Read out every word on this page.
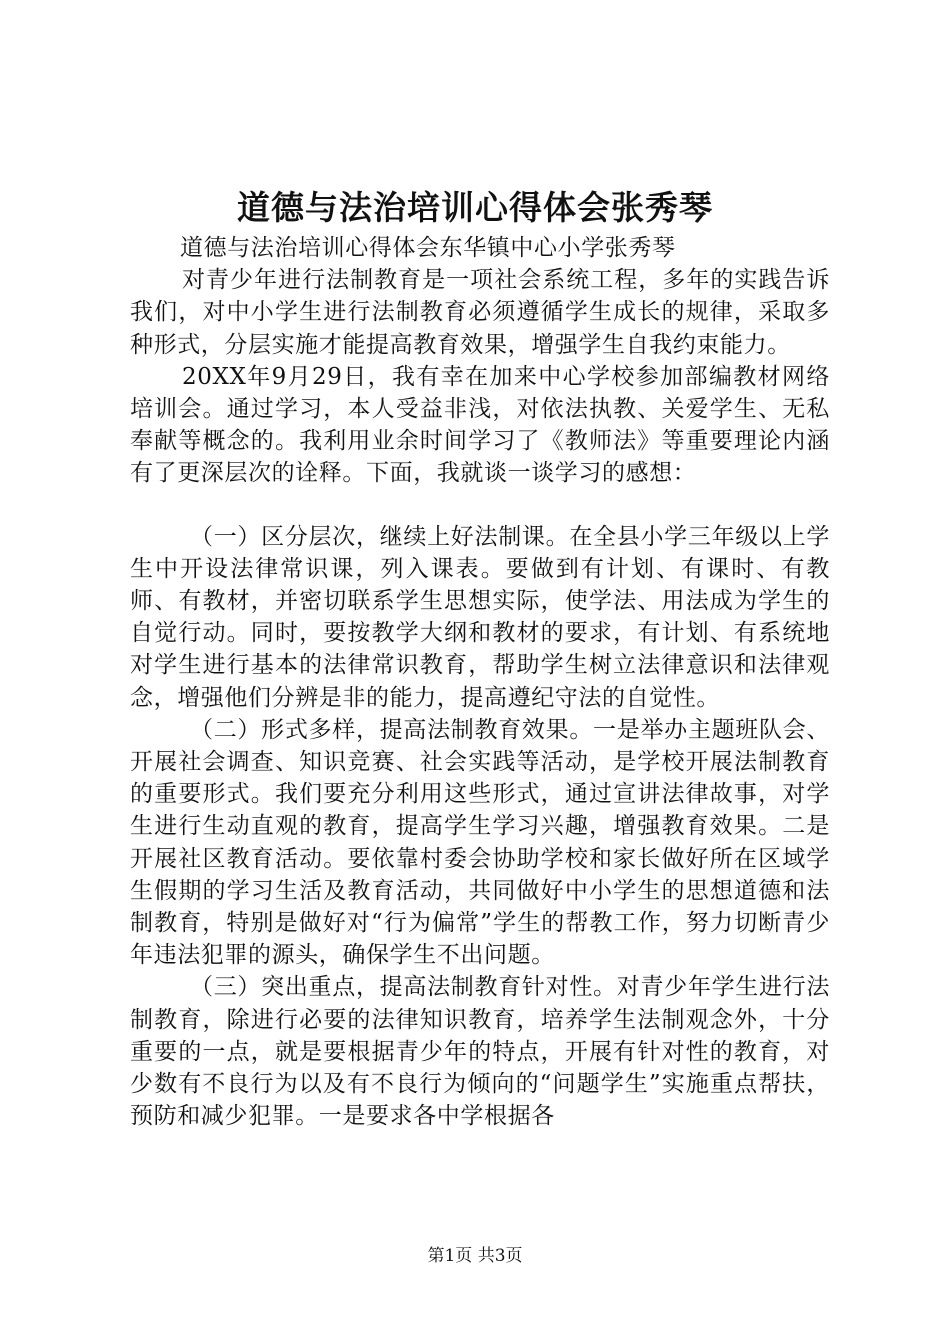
道德与法治培训心得体会张秀琴

道德与法治培训心得体会东华镇中心小学张秀琴

对青少年进行法制教育是一项社会系统工程，多年的实践告诉我们，对中小学生进行法制教育必须遵循学生成长的规律，采取多种形式，分层实施才能提高教育效果，增强学生自我约束能力。

20XX年9月29日，我有幸在加来中心学校参加部编教材网络培训会。通过学习，本人受益非浅，对依法执教、关爱学生、无私奉献等概念的。我利用业余时间学习了《教师法》等重要理论内涵有了更深层次的诠释。下面，我就谈一谈学习的感想：

（一）区分层次，继续上好法制课。在全县小学三年级以上学生中开设法律常识课，列入课表。要做到有计划、有课时、有教师、有教材，并密切联系学生思想实际，使学法、用法成为学生的自觉行动。同时，要按教学大纲和教材的要求，有计划、有系统地对学生进行基本的法律常识教育，帮助学生树立法律意识和法律观念，增强他们分辨是非的能力，提高遵纪守法的自觉性。

（二）形式多样，提高法制教育效果。一是举办主题班队会、开展社会调查、知识竞赛、社会实践等活动，是学校开展法制教育的重要形式。我们要充分利用这些形式，通过宣讲法律故事，对学生进行生动直观的教育，提高学生学习兴趣，增强教育效果。二是开展社区教育活动。要依靠村委会协助学校和家长做好所在区域学生假期的学习生活及教育活动，共同做好中小学生的思想道德和法制教育，特别是做好对“行为偏常”学生的帮教工作，努力切断青少年违法犯罪的源头，确保学生不出问题。

（三）突出重点，提高法制教育针对性。对青少年学生进行法制教育，除进行必要的法律知识教育，培养学生法制观念外，十分重要的一点，就是要根据青少年的特点，开展有针对性的教育，对少数有不良行为以及有不良行为倾向的“问题学生”实施重点帮扶，预防和减少犯罪。一是要求各中学根据各

第1页 共3页
